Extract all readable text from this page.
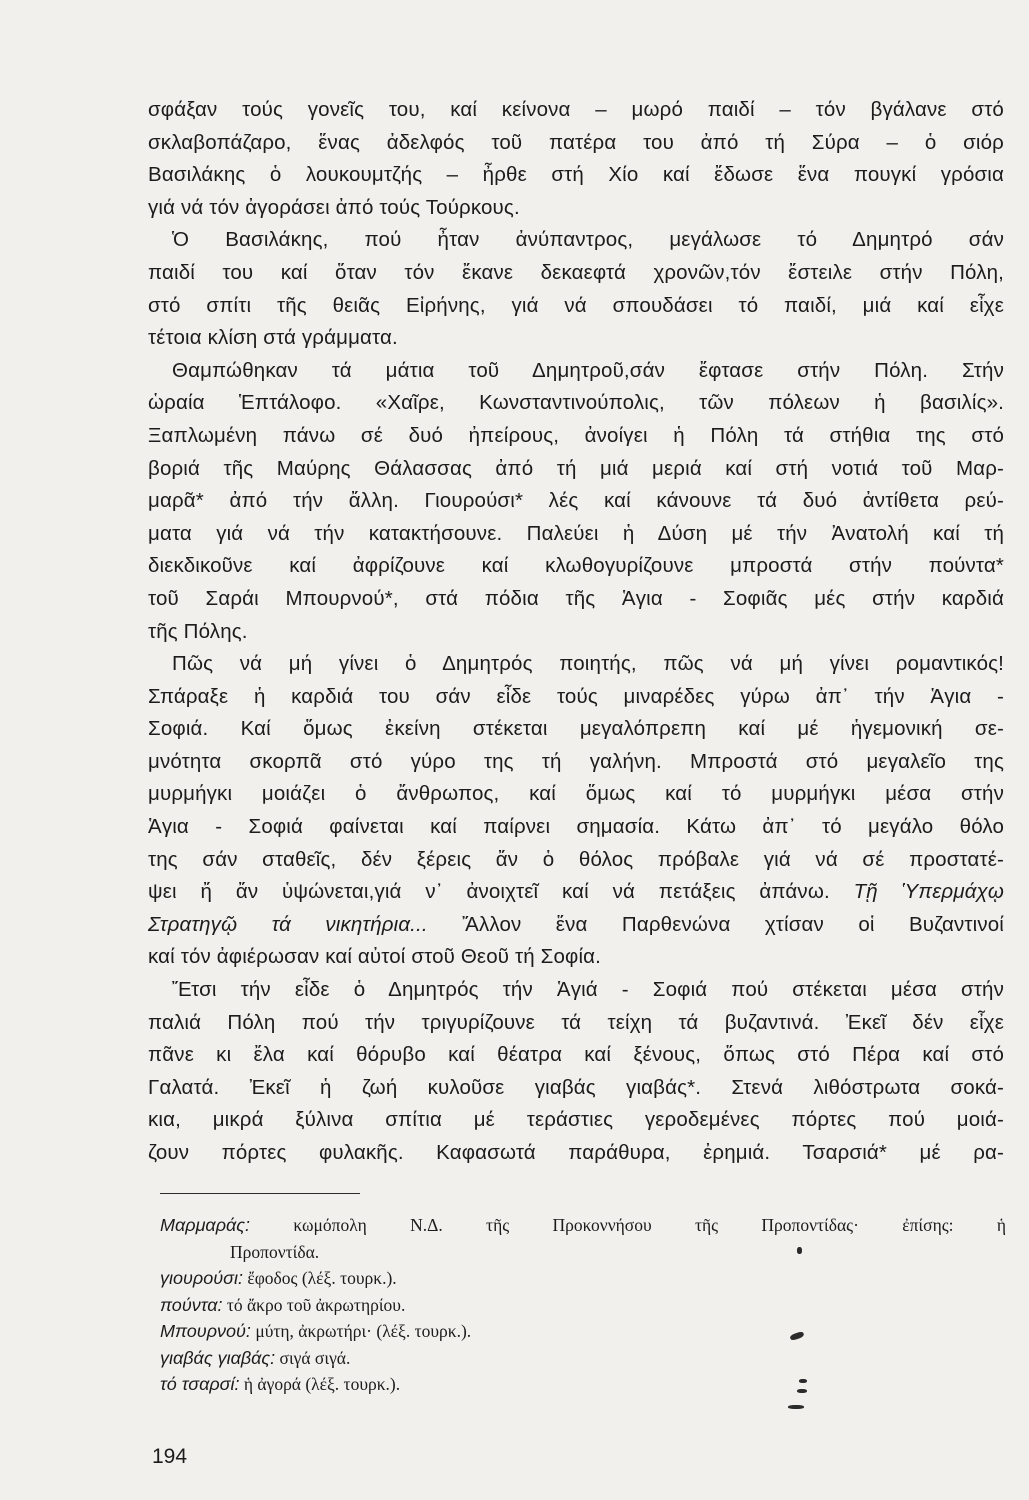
σφάξαν τούς γονεῖς του, καί κείνονα – μωρό παιδί – τόν βγάλανε στό
σκλαβοπάζαρο, ἕνας ἀδελφός τοῦ πατέρα του ἀπό τή Σύρα – ὁ σιόρ
Βασιλάκης ὁ λουκουμτζής – ἦρθε στή Χίο καί ἔδωσε ἕνα πουγκί γρόσια
γιά νά τόν ἀγοράσει ἀπό τούς Τούρκους.
Ὁ Βασιλάκης, πού ἦταν ἀνύπαντρος, μεγάλωσε τό Δημητρό σάν
παιδί του καί ὅταν τόν ἔκανε δεκαεφτά χρονῶν,τόν ἔστειλε στήν Πόλη,
στό σπίτι τῆς θειᾶς Εἰρήνης, γιά νά σπουδάσει τό παιδί, μιά καί εἶχε
τέτοια κλίση στά γράμματα.
Θαμπώθηκαν τά μάτια τοῦ Δημητροῦ,σάν ἔφτασε στήν Πόλη. Στήν
ὡραία Ἑπτάλοφο. «Χαῖρε, Κωνσταντινούπολις, τῶν πόλεων ἡ βασιλίς».
Ξαπλωμένη πάνω σέ δυό ἠπείρους, ἀνοίγει ἡ Πόλη τά στήθια της στό
βοριά τῆς Μαύρης Θάλασσας ἀπό τή μιά μεριά καί στή νοτιά τοῦ Μαρ-
μαρᾶ* ἀπό τήν ἄλλη. Γιουρούσι* λές καί κάνουνε τά δυό ἀντίθετα ρεύ-
ματα γιά νά τήν κατακτήσουνε. Παλεύει ἡ Δύση μέ τήν Ἀνατολή καί τή
διεκδικοῦνε καί ἀφρίζουνε καί κλωθογυρίζουνε μπροστά στήν πούντα*
τοῦ Σαράι Μπουρνού*, στά πόδια τῆς Ἁγια - Σοφιᾶς μές στήν καρδιά
τῆς Πόλης.
Πῶς νά μή γίνει ὁ Δημητρός ποιητής, πῶς νά μή γίνει ρομαντικός!
Σπάραξε ἡ καρδιά του σάν εἶδε τούς μιναρέδες γύρω ἀπ᾿ τήν Ἁγια -
Σοφιά. Καί ὅμως ἐκείνη στέκεται μεγαλόπρεπη καί μέ ἡγεμονική σε-
μνότητα σκορπᾶ στό γύρο της τή γαλήνη. Μπροστά στό μεγαλεῖο της
μυρμήγκι μοιάζει ὁ ἄνθρωπος, καί ὅμως καί τό μυρμήγκι μέσα στήν
Ἁγια - Σοφιά φαίνεται καί παίρνει σημασία. Κάτω ἀπ᾿ τό μεγάλο θόλο
της σάν σταθεῖς, δέν ξέρεις ἄν ὁ θόλος πρόβαλε γιά νά σέ προστατέ-
ψει ἤ ἄν ὑψώνεται,γιά ν᾿ ἀνοιχτεῖ καί νά πετάξεις ἀπάνω. Τῇ Ὑπερμάχῳ
Στρατηγῷ τά νικητήρια... Ἄλλον ἕνα Παρθενώνα χτίσαν οἱ Βυζαντινοί
καί τόν ἀφιέρωσαν καί αὐτοί στοῦ Θεοῦ τή Σοφία.
Ἔτσι τήν εἶδε ὁ Δημητρός τήν Ἁγιά - Σοφιά πού στέκεται μέσα στήν
παλιά Πόλη πού τήν τριγυρίζουνε τά τείχη τά βυζαντινά. Ἐκεῖ δέν εἶχε
πᾶνε κι ἔλα καί θόρυβο καί θέατρα καί ξένους, ὅπως στό Πέρα καί στό
Γαλατά. Ἐκεῖ ἡ ζωή κυλοῦσε γιαβάς γιαβάς*. Στενά λιθόστρωτα σοκά-
κια, μικρά ξύλινα σπίτια μέ τεράστιες γεροδεμένες πόρτες πού μοιά-
ζουν πόρτες φυλακῆς. Καφασωτά παράθυρα, ἐρημιά. Τσαρσιά* μέ ρα-
Μαρμαράς: κωμόπολη Ν.Δ. τῆς Προκοννήσου τῆς Προποντίδας· ἐπίσης: ἡ
Προποντίδα.
γιουρούσι: ἔφοδος (λέξ. τουρκ.).
πούντα: τό ἄκρο τοῦ ἀκρωτηρίου.
Μπουρνού: μύτη, ἀκρωτήρι· (λέξ. τουρκ.).
γιαβάς γιαβάς: σιγά σιγά.
τό τσαρσί: ἡ ἀγορά (λέξ. τουρκ.).
194
